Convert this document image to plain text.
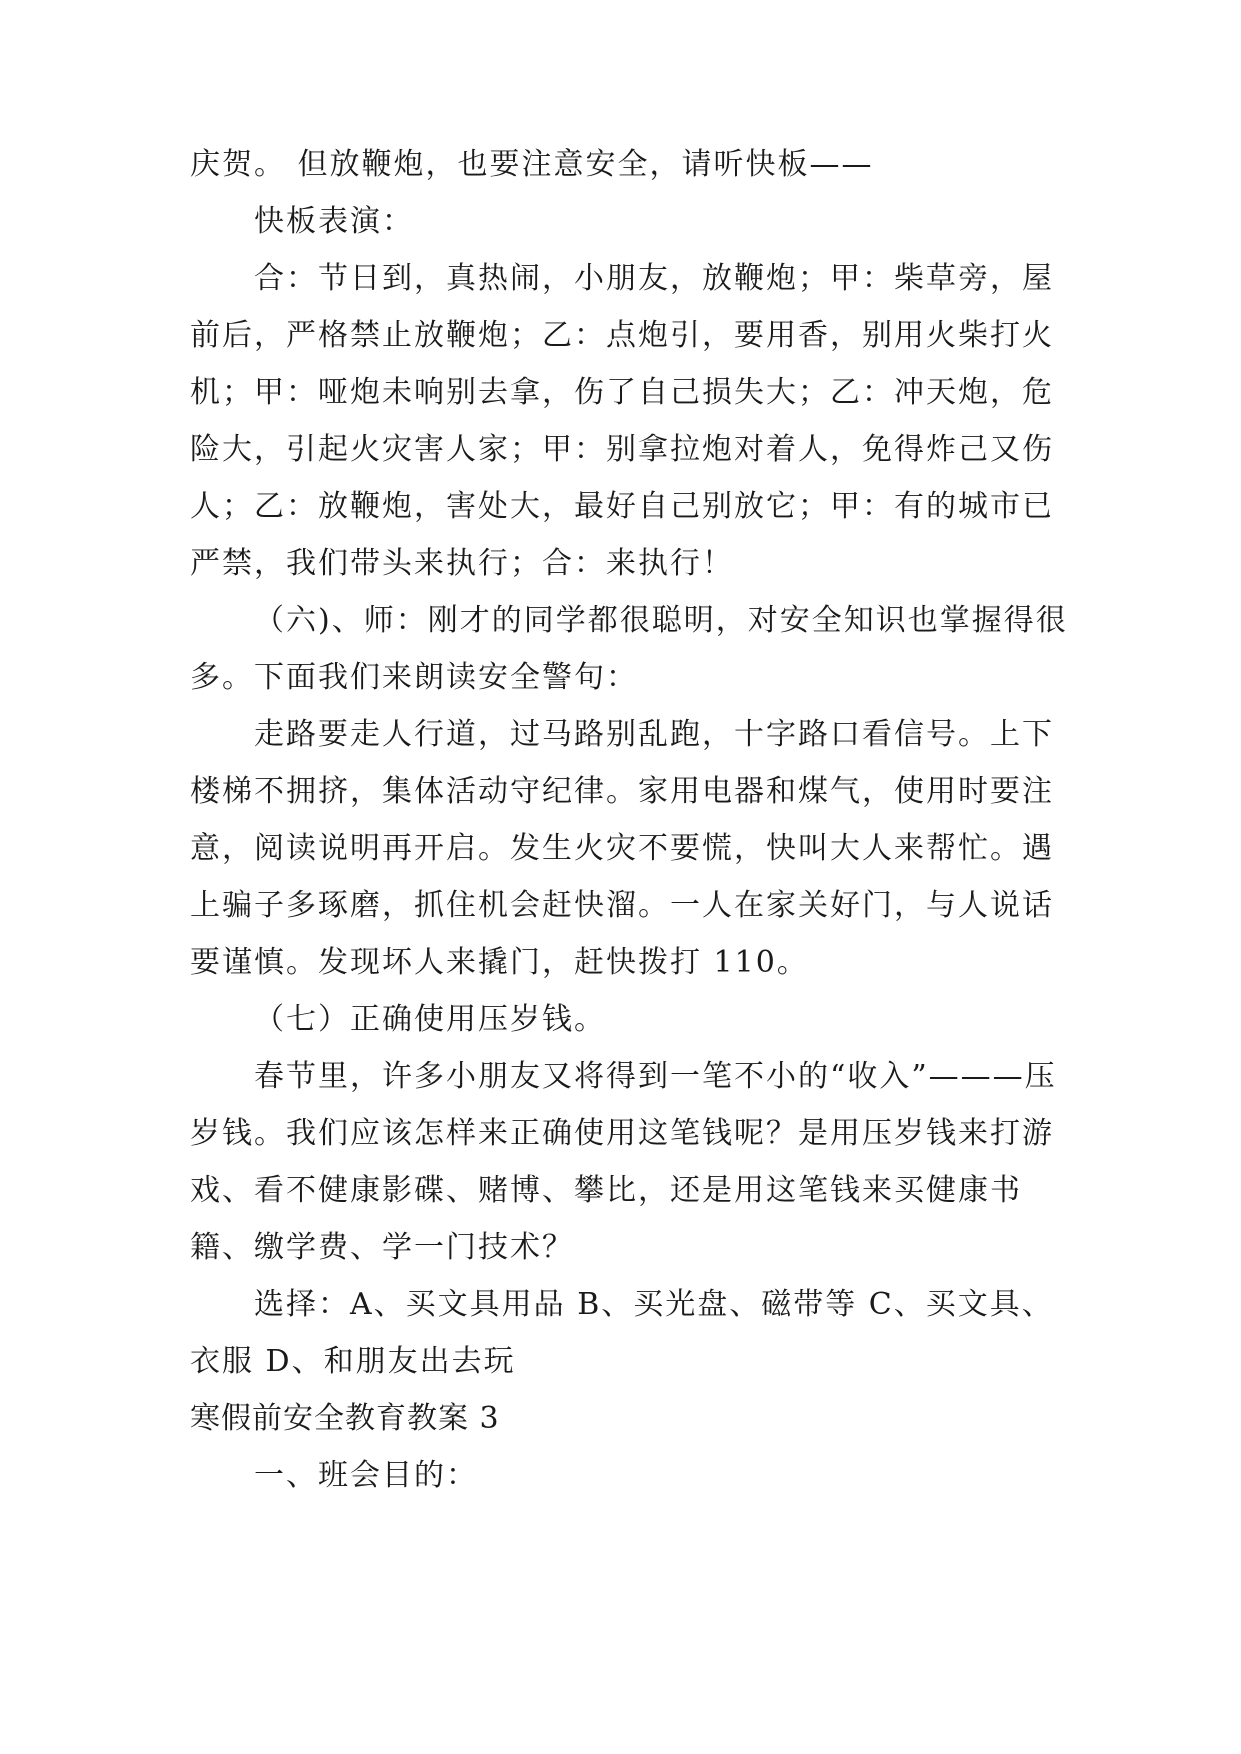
庆贺。 但放鞭炮，也要注意安全，请听快板——
快板表演：
合：节日到，真热闹，小朋友，放鞭炮；甲：柴草旁，屋前后，严格禁止放鞭炮；乙：点炮引，要用香，别用火柴打火机；甲：哑炮未响别去拿，伤了自己损失大；乙：冲天炮，危险大，引起火灾害人家；甲：别拿拉炮对着人，免得炸己又伤人；乙：放鞭炮，害处大，最好自己别放它；甲：有的城市已严禁，我们带头来执行；合：来执行！
（六)、师：刚才的同学都很聪明，对安全知识也掌握得很多。下面我们来朗读安全警句：
走路要走人行道，过马路别乱跑，十字路口看信号。上下楼梯不拥挤，集体活动守纪律。家用电器和煤气，使用时要注意，阅读说明再开启。发生火灾不要慌，快叫大人来帮忙。遇上骗子多琢磨，抓住机会赶快溜。一人在家关好门，与人说话要谨慎。发现坏人来撬门，赶快拨打 110。
（七）正确使用压岁钱。
春节里，许多小朋友又将得到一笔不小的“收入”———压岁钱。我们应该怎样来正确使用这笔钱呢？是用压岁钱来打游戏、看不健康影碟、赌博、攀比，还是用这笔钱来买健康书籍、缴学费、学一门技术？
选择：A、买文具用品 B、买光盘、磁带等 C、买文具、衣服 D、和朋友出去玩
寒假前安全教育教案 3
一、班会目的：
